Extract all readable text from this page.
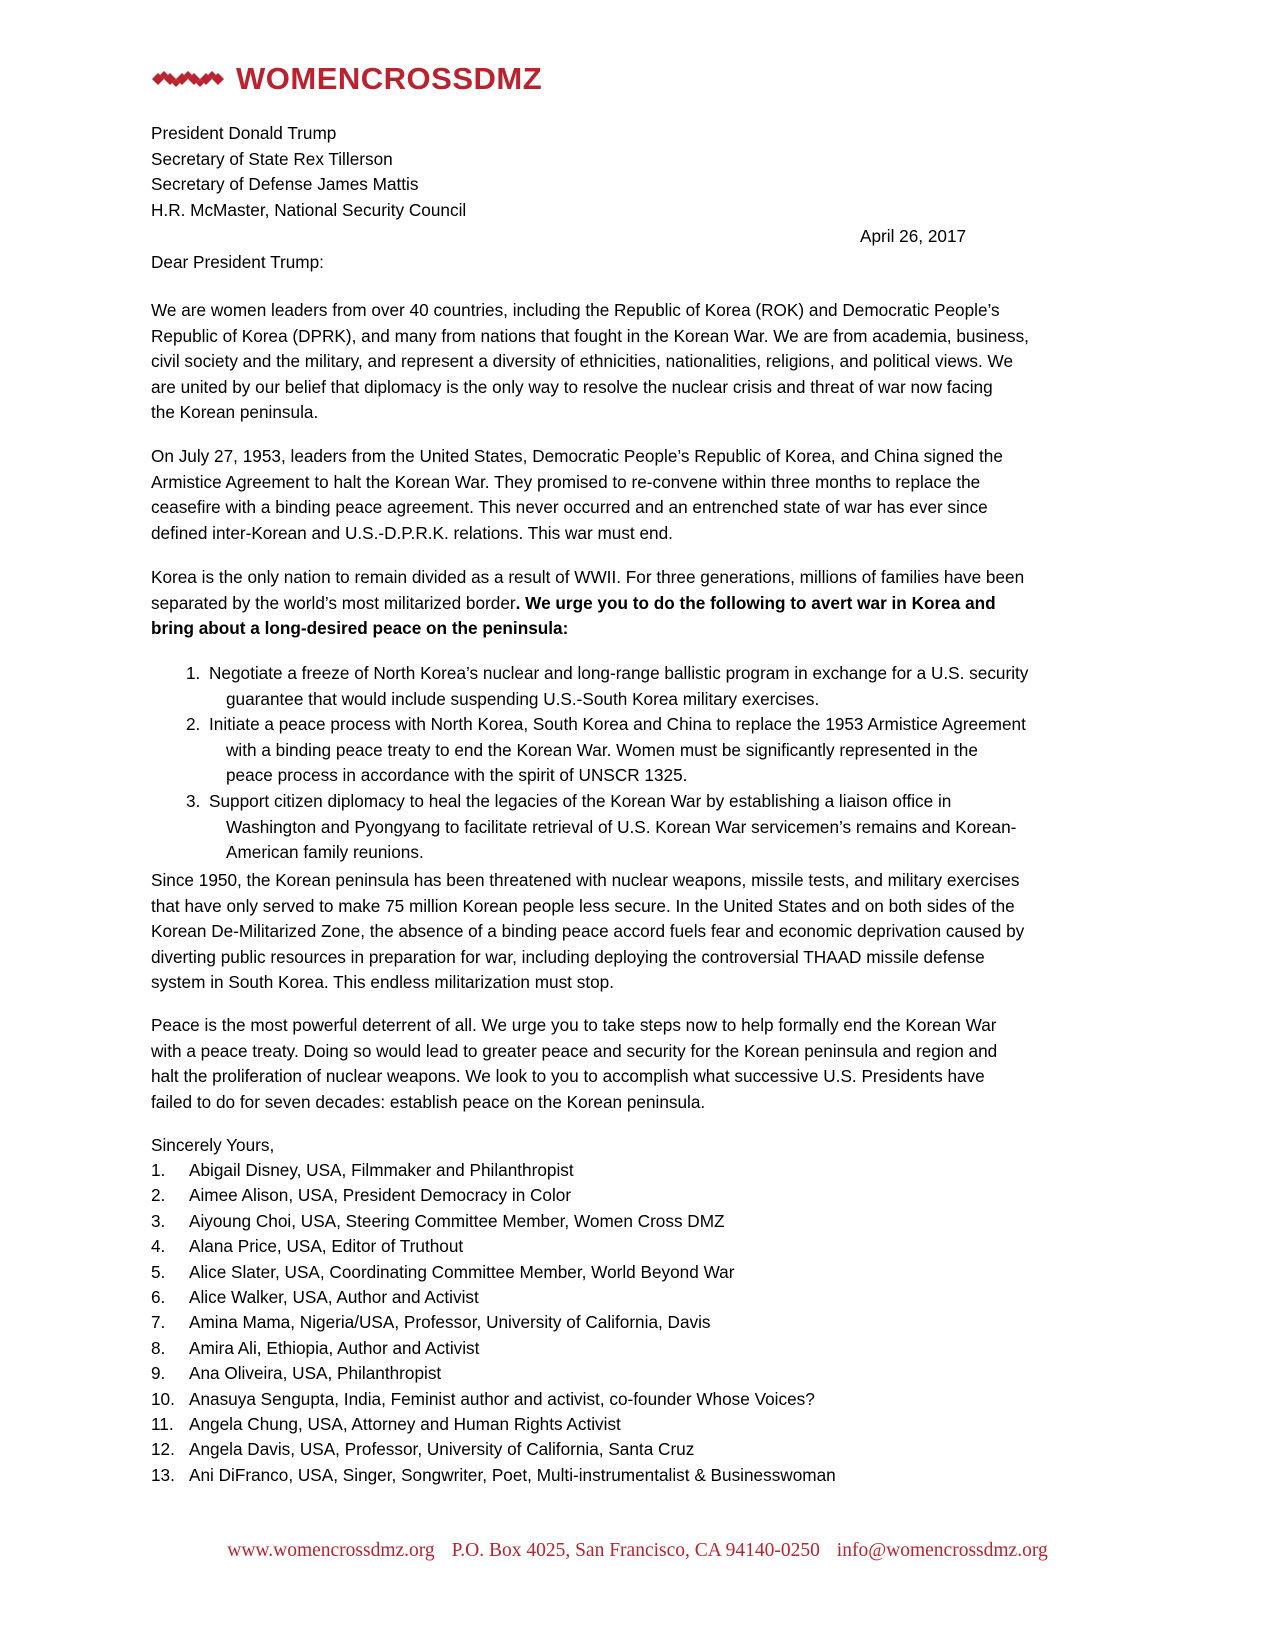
WOMENCROSSDMZ
President Donald Trump
Secretary of State Rex Tillerson
Secretary of Defense James Mattis
H.R. McMaster, National Security Council
April 26, 2017
Dear President Trump:

We are women leaders from over 40 countries, including the Republic of Korea (ROK) and Democratic People’s
Republic of Korea (DPRK), and many from nations that fought in the Korean War. We are from academia, business,
civil society and the military, and represent a diversity of ethnicities, nationalities, religions, and political views. We
are united by our belief that diplomacy is the only way to resolve the nuclear crisis and threat of war now facing
the Korean peninsula.

On July 27, 1953, leaders from the United States, Democratic People’s Republic of Korea, and China signed the
Armistice Agreement to halt the Korean War. They promised to re-convene within three months to replace the
ceasefire with a binding peace agreement. This never occurred and an entrenched state of war has ever since
defined inter-Korean and U.S.-D.P.R.K. relations. This war must end.

Korea is the only nation to remain divided as a result of WWII. For three generations, millions of families have been
separated by the world’s most militarized border. We urge you to do the following to avert war in Korea and
bring about a long-desired peace on the peninsula:

1. Negotiate a freeze of North Korea’s nuclear and long-range ballistic program in exchange for a U.S. security
guarantee that would include suspending U.S.-South Korea military exercises.
2. Initiate a peace process with North Korea, South Korea and China to replace the 1953 Armistice Agreement
with a binding peace treaty to end the Korean War. Women must be significantly represented in the
peace process in accordance with the spirit of UNSCR 1325.
3. Support citizen diplomacy to heal the legacies of the Korean War by establishing a liaison office in
Washington and Pyongyang to facilitate retrieval of U.S. Korean War servicemen’s remains and Korean-
American family reunions.

Since 1950, the Korean peninsula has been threatened with nuclear weapons, missile tests, and military exercises
that have only served to make 75 million Korean people less secure. In the United States and on both sides of the
Korean De-Militarized Zone, the absence of a binding peace accord fuels fear and economic deprivation caused by
diverting public resources in preparation for war, including deploying the controversial THAAD missile defense
system in South Korea. This endless militarization must stop.

Peace is the most powerful deterrent of all. We urge you to take steps now to help formally end the Korean War
with a peace treaty. Doing so would lead to greater peace and security for the Korean peninsula and region and
halt the proliferation of nuclear weapons. We look to you to accomplish what successive U.S. Presidents have
failed to do for seven decades: establish peace on the Korean peninsula.

Sincerely Yours,
1. Abigail Disney, USA, Filmmaker and Philanthropist
2. Aimee Alison, USA, President Democracy in Color
3. Aiyoung Choi, USA, Steering Committee Member, Women Cross DMZ
4. Alana Price, USA, Editor of Truthout
5. Alice Slater, USA, Coordinating Committee Member, World Beyond War
6. Alice Walker, USA, Author and Activist
7. Amina Mama, Nigeria/USA, Professor, University of California, Davis
8. Amira Ali, Ethiopia, Author and Activist
9. Ana Oliveira, USA, Philanthropist
10. Anasuya Sengupta, India, Feminist author and activist, co-founder Whose Voices?
11. Angela Chung, USA, Attorney and Human Rights Activist
12. Angela Davis, USA, Professor, University of California, Santa Cruz
13. Ani DiFranco, USA, Singer, Songwriter, Poet, Multi-instrumentalist & Businesswoman
www.womencrossdmz.org P.O. Box 4025, San Francisco, CA 94140-0250 info@womencrossdmz.org
